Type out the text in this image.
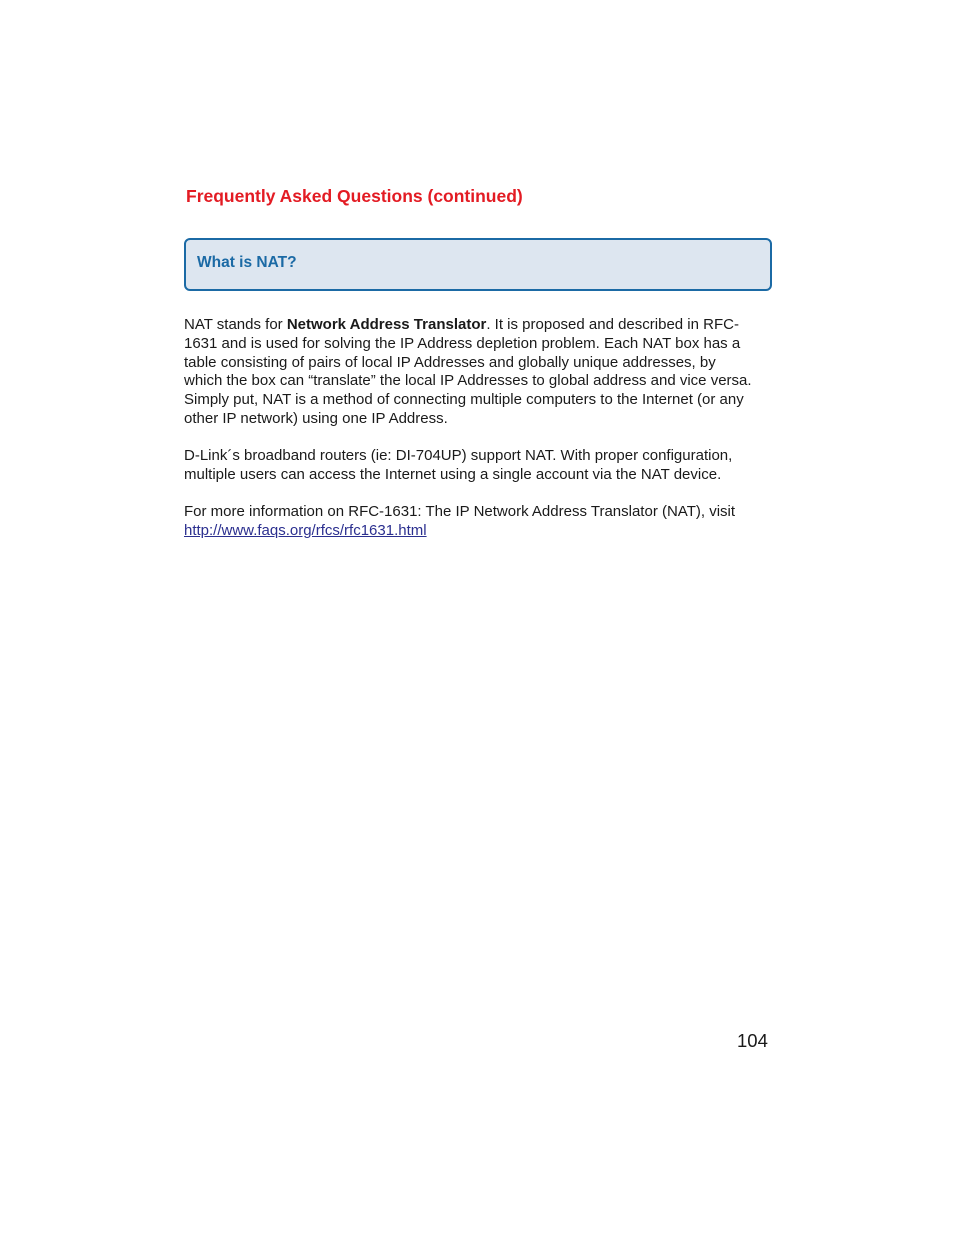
Frequently Asked Questions (continued)
What is NAT?

NAT stands for Network Address Translator. It is proposed and described in RFC-
1631 and is used for solving the IP Address depletion problem. Each NAT box has a
table consisting of pairs of local IP Addresses and globally unique addresses, by
which the box can “translate” the local IP Addresses to global address and vice versa.
Simply put, NAT is a method of connecting multiple computers to the Internet (or any
other IP network) using one IP Address.

D-Link´s broadband routers (ie: DI-704UP) support NAT. With proper configuration,
multiple users can access the Internet using a single account via the NAT device.

For more information on RFC-1631: The IP Network Address Translator (NAT), visit
http://www.faqs.org/rfcs/rfc1631.html

104
